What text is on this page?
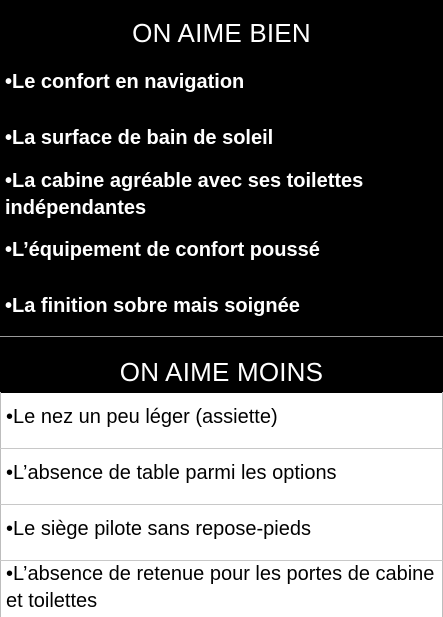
ON AIME BIEN
•Le confort en navigation
•La surface de bain de soleil
•La cabine agréable avec ses toilettes indépendantes
•L’équipement de confort poussé
•La finition sobre mais soignée
ON AIME MOINS
•Le nez un peu léger (assiette)
•L’absence de table parmi les options
•Le siège pilote sans repose-pieds
•L’absence de retenue pour les portes de cabine et toilettes
